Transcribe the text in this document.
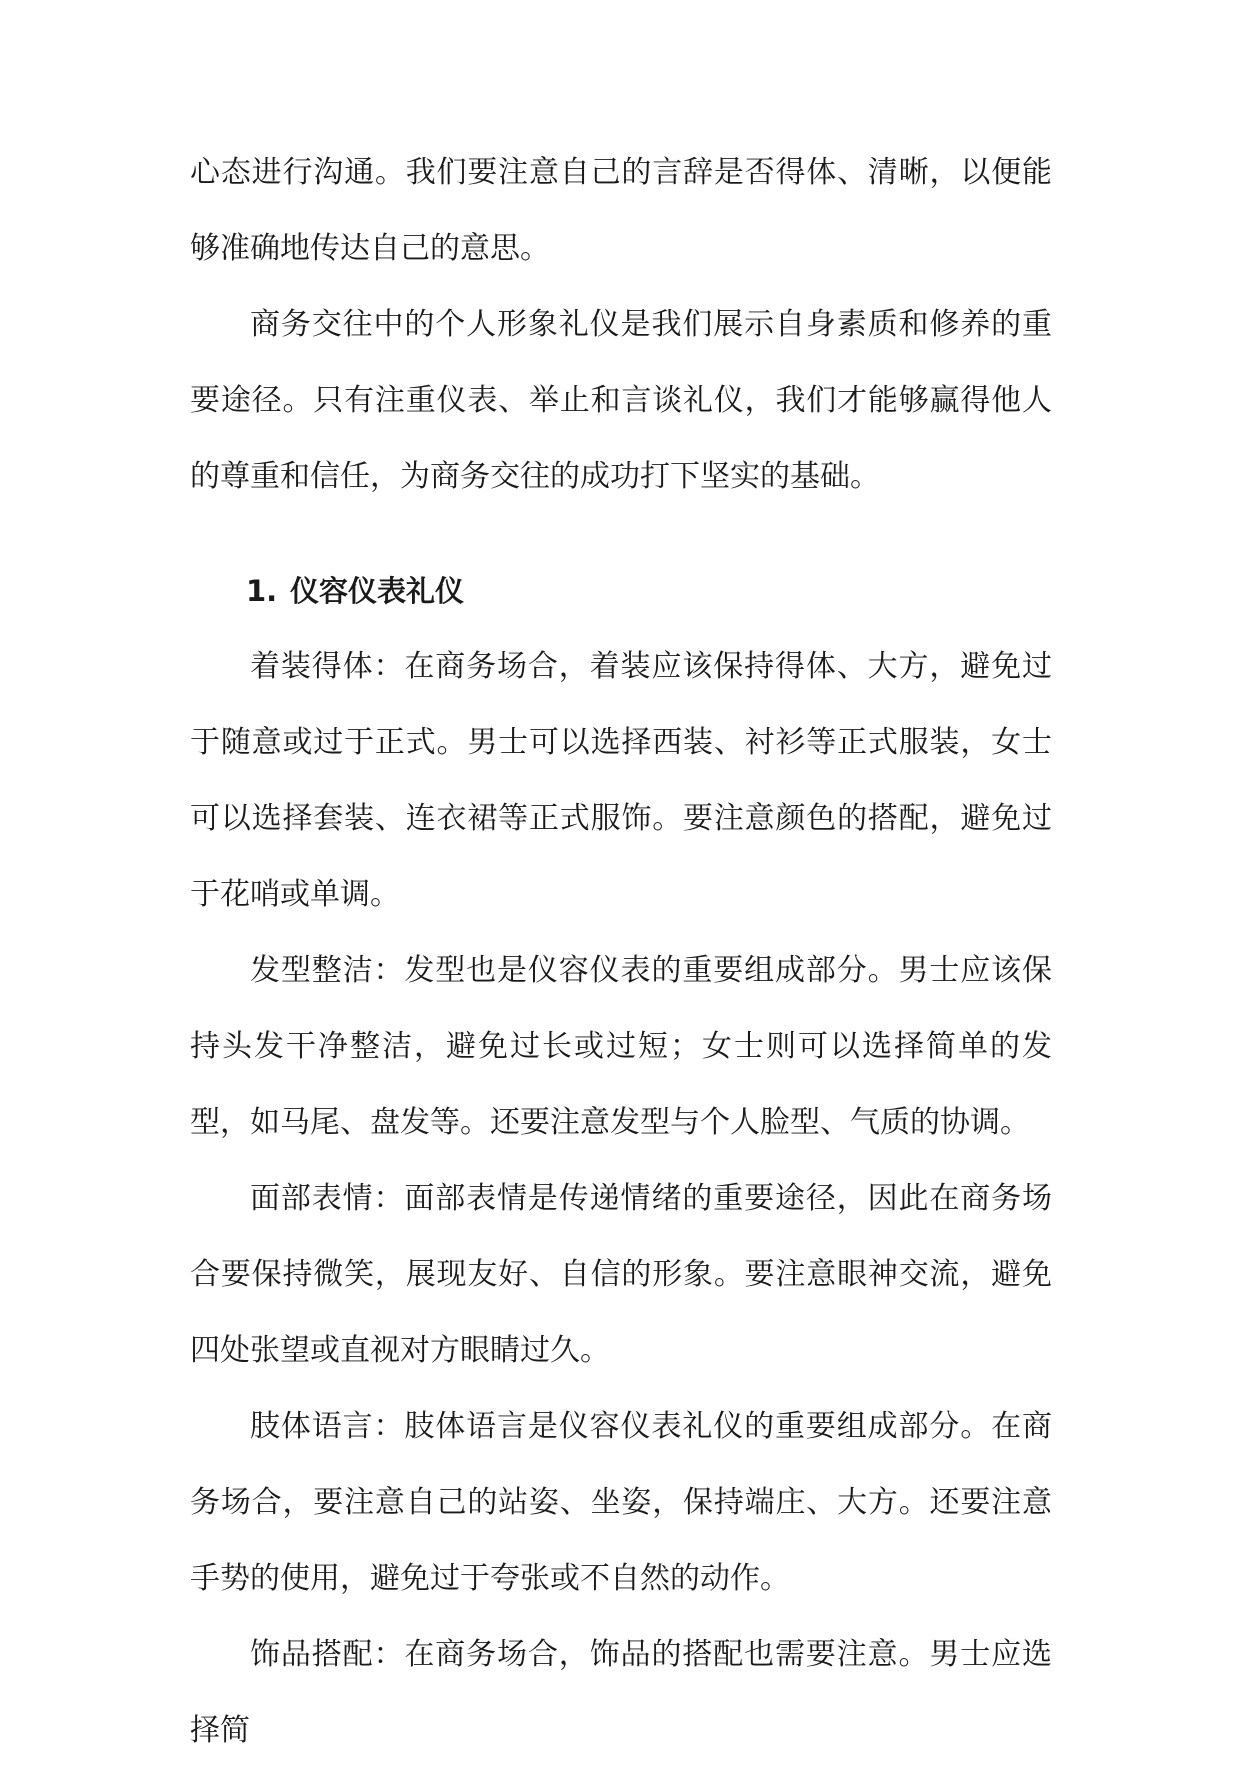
心态进行沟通。我们要注意自己的言辞是否得体、清晰，以便能够准确地传达自己的意思。

商务交往中的个人形象礼仪是我们展示自身素质和修养的重要途径。只有注重仪表、举止和言谈礼仪，我们才能够赢得他人的尊重和信任，为商务交往的成功打下坚实的基础。

1. 仪容仪表礼仪

着装得体：在商务场合，着装应该保持得体、大方，避免过于随意或过于正式。男士可以选择西装、衬衫等正式服装，女士可以选择套装、连衣裙等正式服饰。要注意颜色的搭配，避免过于花哨或单调。

发型整洁：发型也是仪容仪表的重要组成部分。男士应该保持头发干净整洁，避免过长或过短；女士则可以选择简单的发型，如马尾、盘发等。还要注意发型与个人脸型、气质的协调。

面部表情：面部表情是传递情绪的重要途径，因此在商务场合要保持微笑，展现友好、自信的形象。要注意眼神交流，避免四处张望或直视对方眼睛过久。

肢体语言：肢体语言是仪容仪表礼仪的重要组成部分。在商务场合，要注意自己的站姿、坐姿，保持端庄、大方。还要注意手势的使用，避免过于夸张或不自然的动作。

饰品搭配：在商务场合，饰品的搭配也需要注意。男士应选择简
